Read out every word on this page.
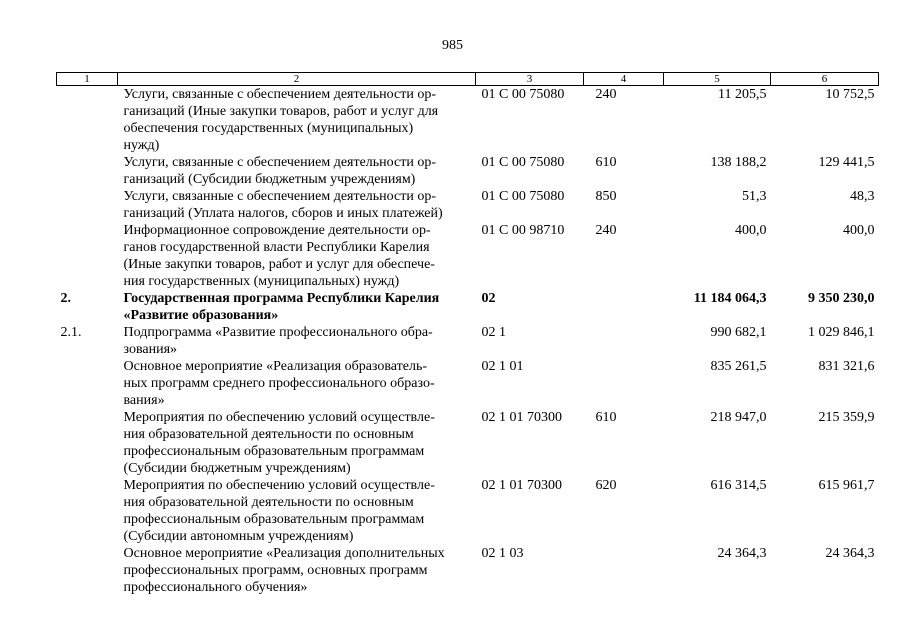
985
1	2	3	4	5	6

	Услуги, связанные с обеспечением деятельности ор-
ганизаций (Иные закупки товаров, работ и услуг для
обеспечения государственных (муниципальных)
нужд)	01 С 00 75080	240	11 205,5	10 752,5

	Услуги, связанные с обеспечением деятельности ор-
ганизаций (Субсидии бюджетным учреждениям)	01 С 00 75080	610	138 188,2	129 441,5

	Услуги, связанные с обеспечением деятельности ор-
ганизаций (Уплата налогов, сборов и иных платежей)	01 С 00 75080	850	51,3	48,3

	Информационное сопровождение деятельности ор-
ганов государственной власти Республики Карелия
(Иные закупки товаров, работ и услуг для обеспече-
ния государственных (муниципальных) нужд)	01 С 00 98710	240	400,0	400,0
2.	Государственная программа Республики Карелия
«Развитие образования»	02		11 184 064,3	9 350 230,0
2.1.	Подпрограмма «Развитие профессионального обра-
зования»	02 1		990 682,1	1 029 846,1

	Основное мероприятие «Реализация образователь-
ных программ среднего профессионального образо-
вания»	02 1 01		835 261,5	831 321,6

	Мероприятия по обеспечению условий осуществле-
ния образовательной деятельности по основным
профессиональным образовательным программам
(Субсидии бюджетным учреждениям)	02 1 01 70300	610	218 947,0	215 359,9

	Мероприятия по обеспечению условий осуществле-
ния образовательной деятельности по основным
профессиональным образовательным программам
(Субсидии автономным учреждениям)	02 1 01 70300	620	616 314,5	615 961,7

	Основное мероприятие «Реализация дополнительных
профессиональных программ, основных программ
профессионального обучения»	02 1 03		24 364,3	24 364,3
